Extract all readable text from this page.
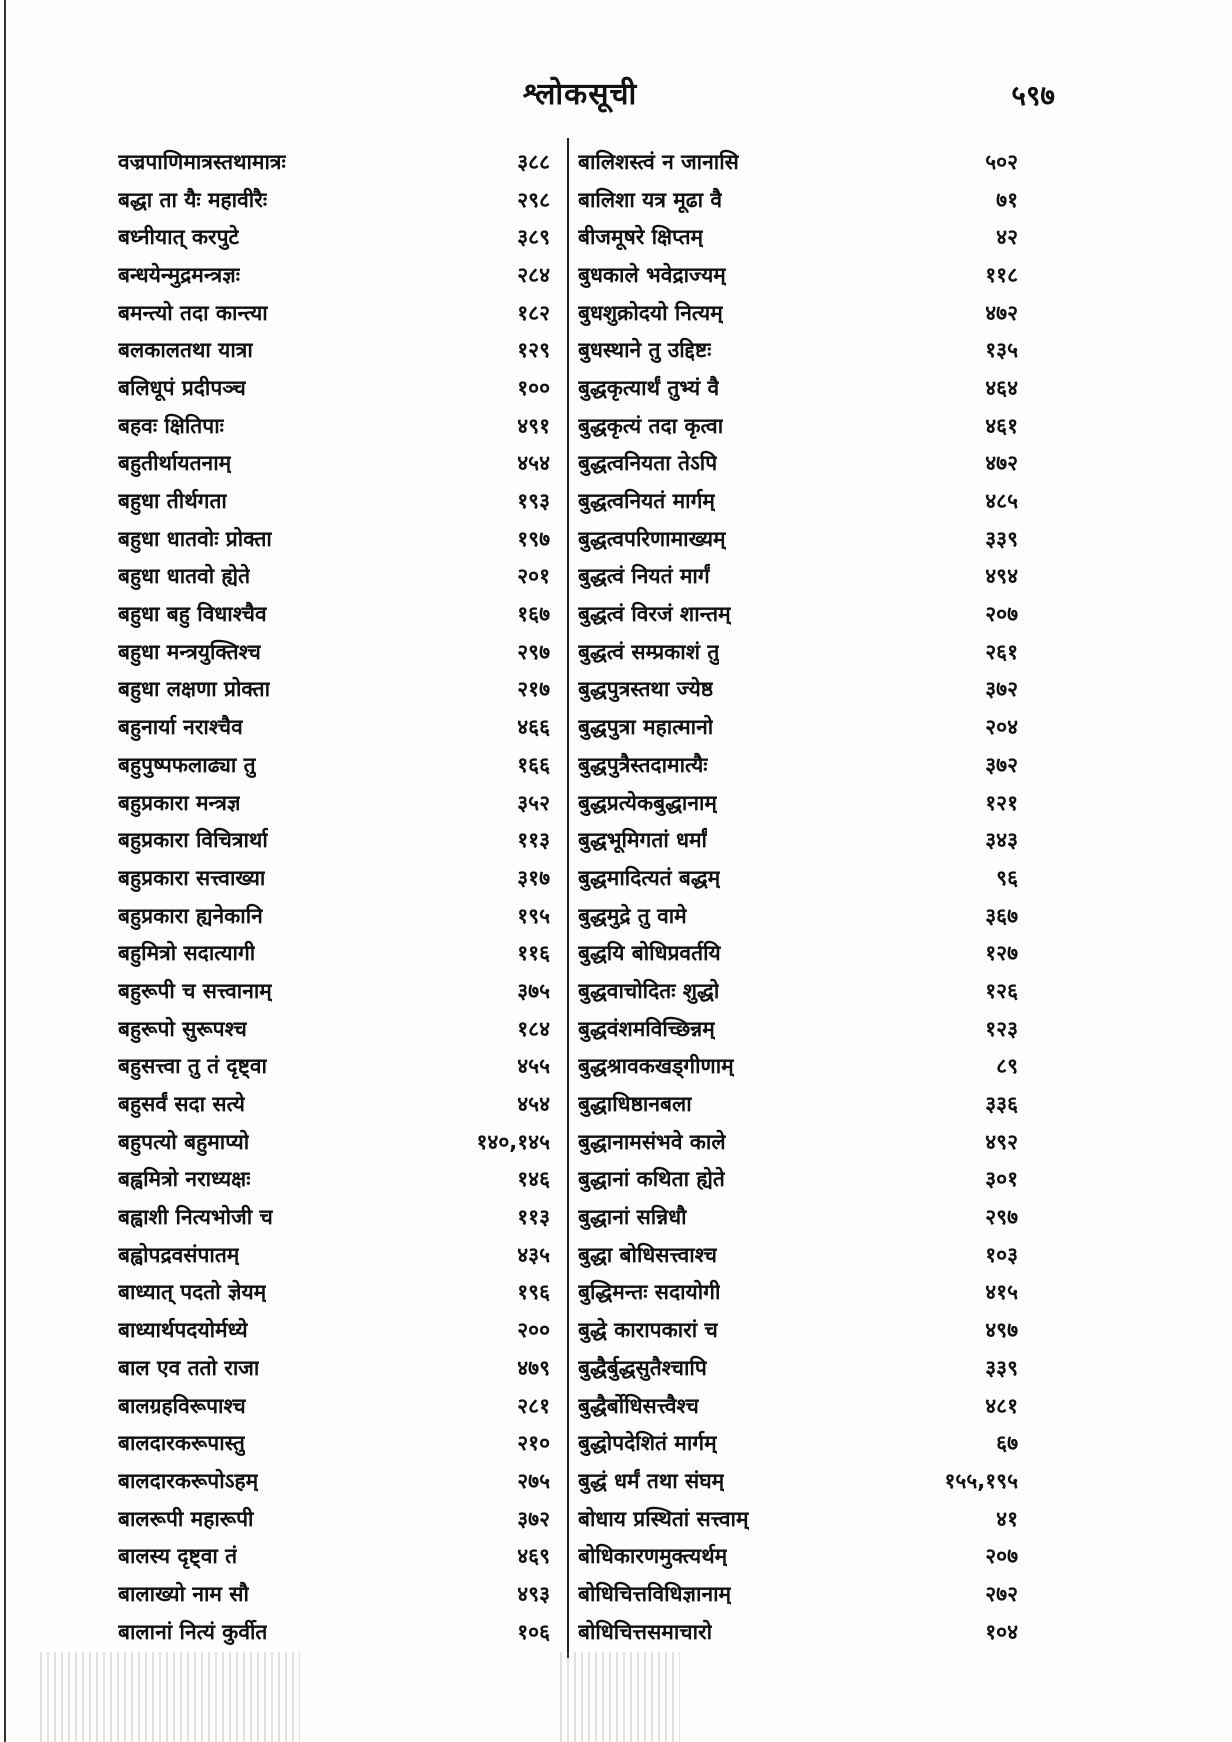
श्लोकसूची	५९७
वज्रपाणिमात्रस्तथामात्रः	३८८
बद्धा ता यैः महावीरैः	२९८
बध्नीयात् करपुटे	३८९
बन्धयेन्मुद्रमन्त्रज्ञः	२८४
बमन्त्यो तदा कान्त्या	१८२
बलकालतथा यात्रा	१२९
बलिधूपं प्रदीपञ्च	१००
बहवः क्षितिपाः	४९१
बहुतीर्थायतनाम्	४५४
बहुधा तीर्थगता	१९३
बहुधा धातवोः प्रोक्ता	१९७
बहुधा धातवो ह्येते	२०१
बहुधा बहु विधाश्चैव	१६७
बहुधा मन्त्रयुक्तिश्च	२९७
बहुधा लक्षणा प्रोक्ता	२१७
बहुनार्या नराश्चैव	४६६
बहुपुष्पफलाढ्या तु	१६६
बहुप्रकारा मन्त्रज्ञ	३५२
बहुप्रकारा विचित्रार्था	११३
बहुप्रकारा सत्त्वाख्या	३१७
बहुप्रकारा ह्यनेकानि	१९५
बहुमित्रो सदात्यागी	११६
बहुरूपी च सत्त्वानाम्	३७५
बहुरूपो सुरूपश्च	१८४
बहुसत्त्वा तु तं दृष्ट्वा	४५५
बहुसर्वं सदा सत्ये	४५४
बहुपत्यो बहुमाप्यो	१४०,१४५
बह्वमित्रो नराध्यक्षः	१४६
बह्वाशी नित्यभोजी च	११३
बह्वोपद्रवसंपातम्	४३५
बाध्यात् पदतो ज्ञेयम्	१९६
बाध्यार्थपदयोर्मध्ये	२००
बाल एव ततो राजा	४७९
बालग्रहविरूपाश्च	२८१
बालदारकरूपास्तु	२१०
बालदारकरूपोऽहम्	२७५
बालरूपी महारूपी	३७२
बालस्य दृष्ट्वा तं	४६९
बालाख्यो नाम सौ	४९३
बालानां नित्यं कुर्वीत	१०६
बालिशस्त्वं न जानासि	५०२
बालिशा यत्र मूढा वै	७१
बीजमूषरे क्षिप्तम्	४२
बुधकाले भवेद्राज्यम्	११८
बुधशुक्रोदयो नित्यम्	४७२
बुधस्थाने तु उद्दिष्टः	१३५
बुद्धकृत्यार्थं तुभ्यं वै	४६४
बुद्धकृत्यं तदा कृत्वा	४६१
बुद्धत्वनियता तेऽपि	४७२
बुद्धत्वनियतं मार्गम्	४८५
बुद्धत्वपरिणामाख्यम्	३३९
बुद्धत्वं नियतं मार्गं	४९४
बुद्धत्वं विरजं शान्तम्	२०७
बुद्धत्वं सम्प्रकाशं तु	२६१
बुद्धपुत्रस्तथा ज्येष्ठ	३७२
बुद्धपुत्रा महात्मानो	२०४
बुद्धपुत्रैस्तदामात्यैः	३७२
बुद्धप्रत्येकबुद्धानाम्	१२१
बुद्धभूमिगतां धर्मां	३४३
बुद्धमादित्यतं बद्धम्	९६
बुद्धमुद्रे तु वामे	३६७
बुद्धयि बोधिप्रवर्तयि	१२७
बुद्धवाचोदितः शुद्धो	१२६
बुद्धवंशमविच्छिन्नम्	१२३
बुद्धश्रावकखड्गीणाम्	८९
बुद्धाधिष्ठानबला	३३६
बुद्धानामसंभवे काले	४९२
बुद्धानां कथिता ह्येते	३०१
बुद्धानां सन्निधौ	२९७
बुद्धा बोधिसत्त्वाश्च	१०३
बुद्धिमन्तः सदायोगी	४१५
बुद्धे कारापकारां च	४९७
बुद्धैर्बुद्धसुतैश्चापि	३३९
बुद्धैर्बोधिसत्त्वैश्च	४८१
बुद्धोपदेशितं मार्गम्	६७
बुद्धं धर्मं तथा संघम्	१५५,१९५
बोधाय प्रस्थितां सत्त्वाम्	४१
बोधिकारणमुक्त्यर्थम्	२०७
बोधिचित्तविधिज्ञानाम्	२७२
बोधिचित्तसमाचारो	१०४
